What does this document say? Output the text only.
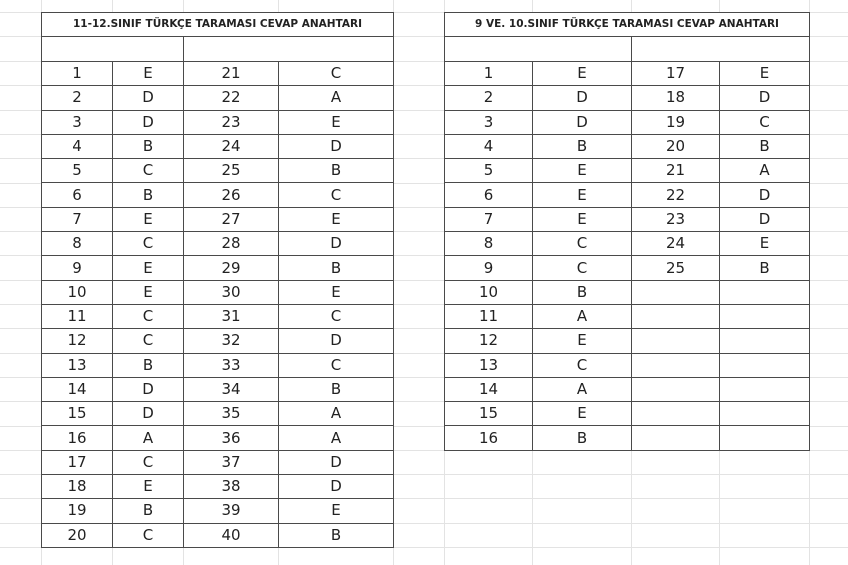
11-12.SINIF TÜRKÇE TARAMASI CEVAP ANAHTARI			

1	E	21	C
2	D	22	A
3	D	23	E
4	B	24	D
5	C	25	B
6	B	26	C
7	E	27	E
8	C	28	D
9	E	29	B
10	E	30	E
11	C	31	C
12	C	32	D
13	B	33	C
14	D	34	B
15	D	35	A
16	A	36	A
17	C	37	D
18	E	38	D
19	B	39	E
20	C	40	B
9 VE. 10.SINIF TÜRKÇE TARAMASI CEVAP ANAHTARI			

1	E	17	E
2	D	18	D
3	D	19	C
4	B	20	B
5	E	21	A
6	E	22	D
7	E	23	D
8	C	24	E
9	C	25	B
10	B		
11	A		
12	E		
13	C		
14	A		
15	E		
16	B		
